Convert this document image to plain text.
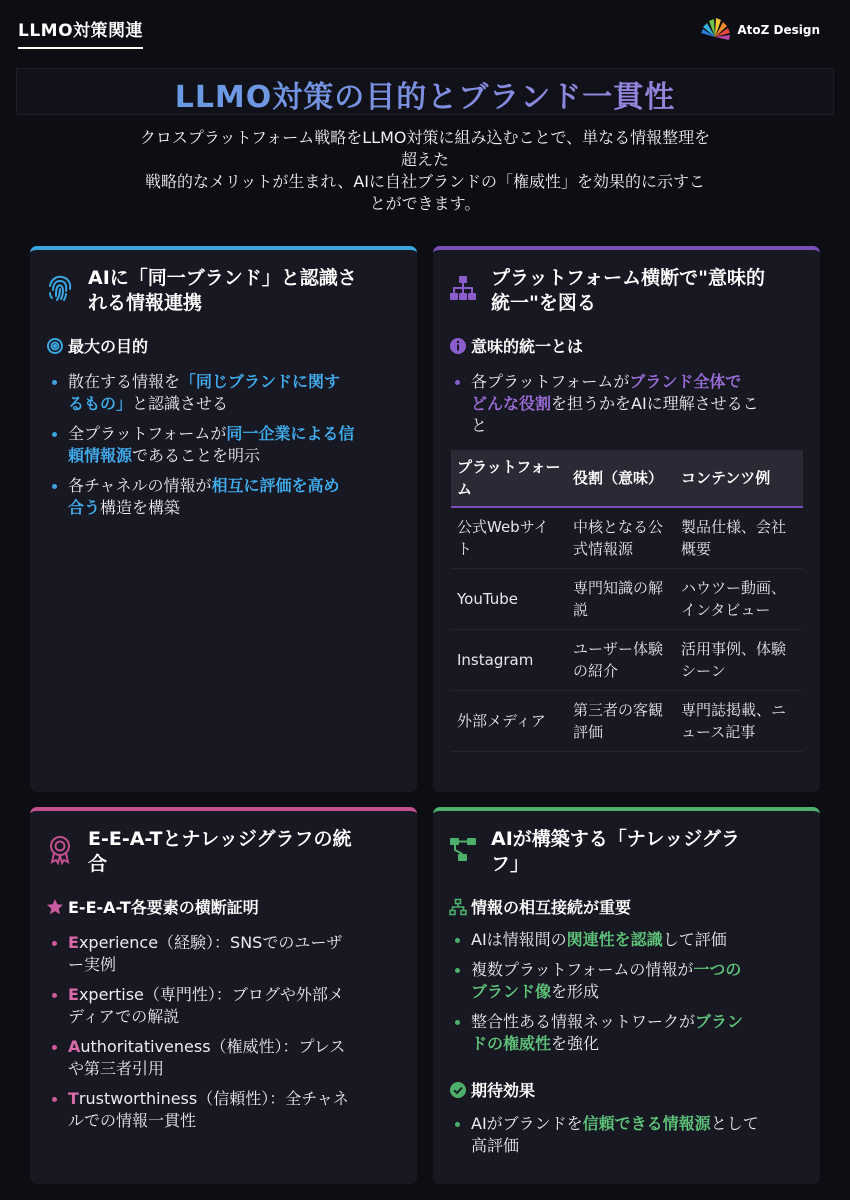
LLMO対策関連	AtoZ Design
LLMO対策の目的とブランド一貫性
クロスプラットフォーム戦略をLLMO対策に組み込むことで、単なる情報整理を
超えた
戦略的なメリットが生まれ、AIに自社ブランドの「権威性」を効果的に示すこ
とができます。
AIに「同一ブランド」と認識さ
れる情報連携
最大の目的
散在する情報を「同じブランドに関す
るもの」と認識させる
全プラットフォームが同一企業による信
頼情報源であることを明示
各チャネルの情報が相互に評価を高め
合う構造を構築
プラットフォーム横断で"意味的
統一"を図る
意味的統一とは
各プラットフォームがブランド全体で
どんな役割を担うかをAIに理解させるこ
と
プラットフォーム	役割（意味）	コンテンツ例
公式Webサイト	中核となる公式情報源	製品仕様、会社概要
YouTube	専門知識の解説	ハウツー動画、インタビュー
Instagram	ユーザー体験の紹介	活用事例、体験シーン
外部メディア	第三者の客観評価	専門誌掲載、ニュース記事
E-E-A-Tとナレッジグラフの統
合
E-E-A-T各要素の横断証明
Experience（経験）：SNSでのユーザ
ー実例
Expertise（専門性）：ブログや外部メ
ディアでの解説
Authoritativeness（権威性）：プレス
や第三者引用
Trustworthiness（信頼性）：全チャネ
ルでの情報一貫性
AIが構築する「ナレッジグラ
フ」
情報の相互接続が重要
AIは情報間の関連性を認識して評価
複数プラットフォームの情報が一つの
ブランド像を形成
整合性ある情報ネットワークがブラン
ドの権威性を強化
期待効果
AIがブランドを信頼できる情報源として
高評価
